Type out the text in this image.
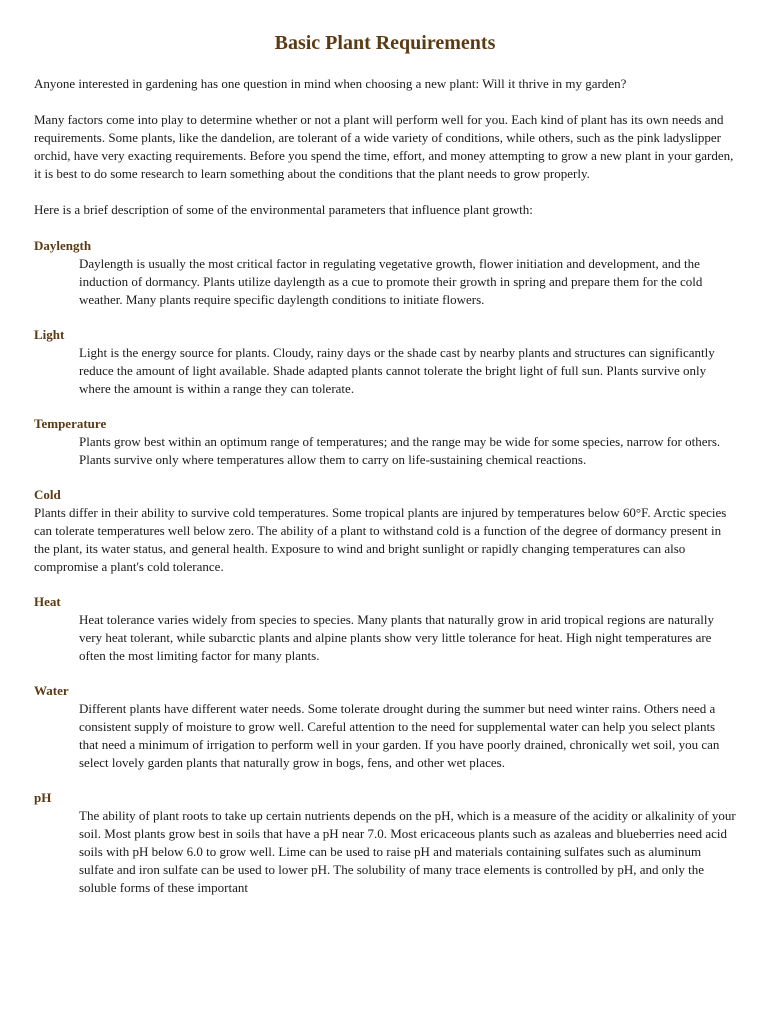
Basic Plant Requirements

Anyone interested in gardening has one question in mind when choosing a new plant: Will it thrive in my garden?

Many factors come into play to determine whether or not a plant will perform well for you. Each kind of plant has its own needs and requirements. Some plants, like the dandelion, are tolerant of a wide variety of conditions, while others, such as the pink ladyslipper orchid, have very exacting requirements. Before you spend the time, effort, and money attempting to grow a new plant in your garden, it is best to do some research to learn something about the conditions that the plant needs to grow properly.

Here is a brief description of some of the environmental parameters that influence plant growth:

Daylength

Daylength is usually the most critical factor in regulating vegetative growth, flower initiation and development, and the induction of dormancy. Plants utilize daylength as a cue to promote their growth in spring and prepare them for the cold weather. Many plants require specific daylength conditions to initiate flowers.

Light

Light is the energy source for plants. Cloudy, rainy days or the shade cast by nearby plants and structures can significantly reduce the amount of light available. Shade adapted plants cannot tolerate the bright light of full sun. Plants survive only where the amount is within a range they can tolerate.

Temperature

Plants grow best within an optimum range of temperatures; and the range may be wide for some species, narrow for others. Plants survive only where temperatures allow them to carry on life-sustaining chemical reactions.

Cold

Plants differ in their ability to survive cold temperatures. Some tropical plants are injured by temperatures below 60°F. Arctic species can tolerate temperatures well below zero. The ability of a plant to withstand cold is a function of the degree of dormancy present in the plant, its water status, and general health. Exposure to wind and bright sunlight or rapidly changing temperatures can also compromise a plant's cold tolerance.

Heat

Heat tolerance varies widely from species to species. Many plants that naturally grow in arid tropical regions are naturally very heat tolerant, while subarctic plants and alpine plants show very little tolerance for heat. High night temperatures are often the most limiting factor for many plants.

Water

Different plants have different water needs. Some tolerate drought during the summer but need winter rains. Others need a consistent supply of moisture to grow well. Careful attention to the need for supplemental water can help you select plants that need a minimum of irrigation to perform well in your garden. If you have poorly drained, chronically wet soil, you can select lovely garden plants that naturally grow in bogs, fens, and other wet places.

pH

The ability of plant roots to take up certain nutrients depends on the pH, which is a measure of the acidity or alkalinity of your soil. Most plants grow best in soils that have a pH near 7.0. Most ericaceous plants such as azaleas and blueberries need acid soils with pH below 6.0 to grow well. Lime can be used to raise pH and materials containing sulfates such as aluminum sulfate and iron sulfate can be used to lower pH. The solubility of many trace elements is controlled by pH, and only the soluble forms of these important
